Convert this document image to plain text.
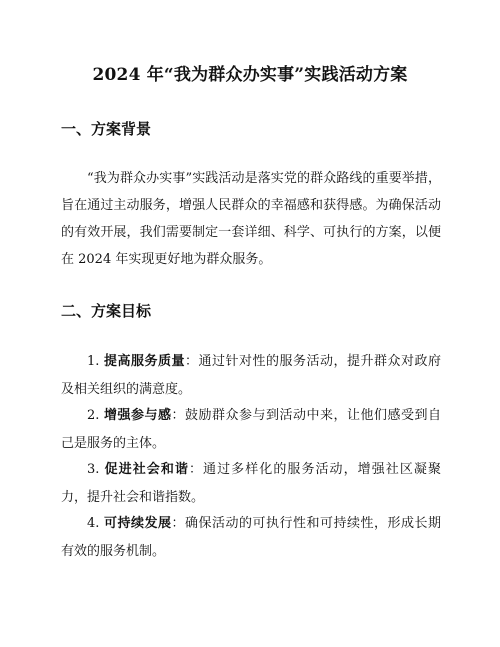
2024 年“我为群众办实事”实践活动方案
一、方案背景
“我为群众办实事”实践活动是落实党的群众路线的重要举措，旨在通过主动服务，增强人民群众的幸福感和获得感。为确保活动的有效开展，我们需要制定一套详细、科学、可执行的方案，以便在 2024 年实现更好地为群众服务。
二、方案目标
1. 提高服务质量：通过针对性的服务活动，提升群众对政府及相关组织的满意度。
2. 增强参与感：鼓励群众参与到活动中来，让他们感受到自己是服务的主体。
3. 促进社会和谐：通过多样化的服务活动，增强社区凝聚力，提升社会和谐指数。
4. 可持续发展：确保活动的可执行性和可持续性，形成长期有效的服务机制。
